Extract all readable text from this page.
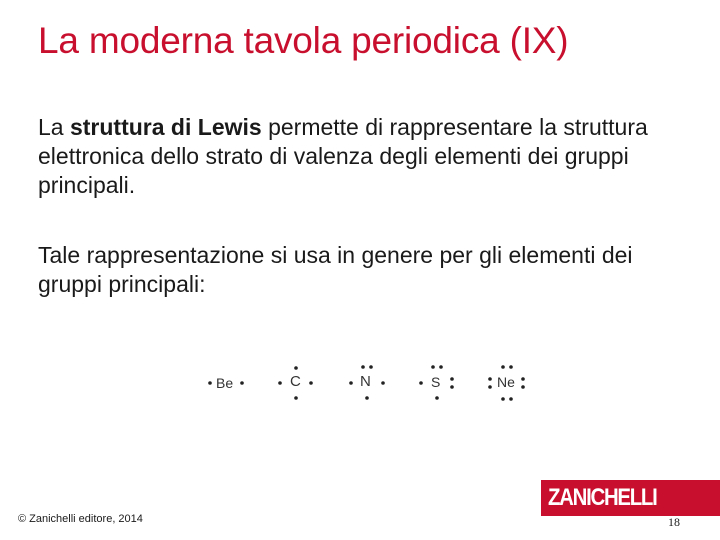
La moderna tavola periodica (IX)
La struttura di Lewis permette di rappresentare la struttura elettronica dello strato di valenza degli elementi dei gruppi principali.
Tale rappresentazione si usa in genere per gli elementi dei gruppi principali:
Be	C	N	S	Ne
© Zanichelli editore, 2014
ZANICHELLI
18
